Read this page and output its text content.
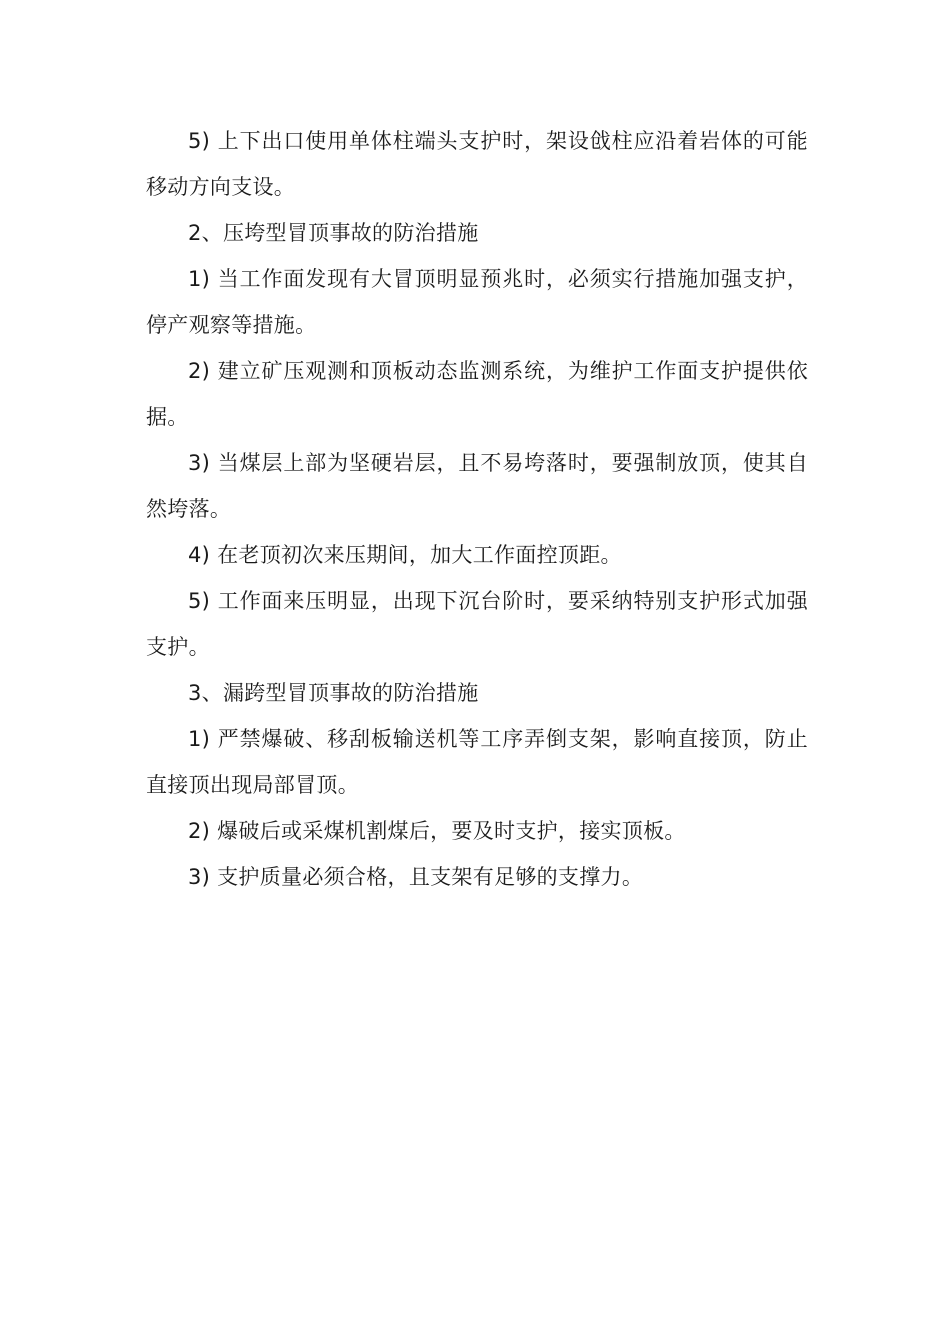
5) 上下出口使用单体柱端头支护时，架设戗柱应沿着岩体的可能移动方向支设。

2、压垮型冒顶事故的防治措施

1) 当工作面发现有大冒顶明显预兆时，必须实行措施加强支护，停产观察等措施。

2) 建立矿压观测和顶板动态监测系统，为维护工作面支护提供依据。

3) 当煤层上部为坚硬岩层，且不易垮落时，要强制放顶，使其自然垮落。

4) 在老顶初次来压期间，加大工作面控顶距。

5) 工作面来压明显，出现下沉台阶时，要采纳特别支护形式加强支护。

3、漏跨型冒顶事故的防治措施

1) 严禁爆破、移刮板输送机等工序弄倒支架，影响直接顶，防止直接顶出现局部冒顶。

2) 爆破后或采煤机割煤后，要及时支护，接实顶板。

3) 支护质量必须合格，且支架有足够的支撑力。
